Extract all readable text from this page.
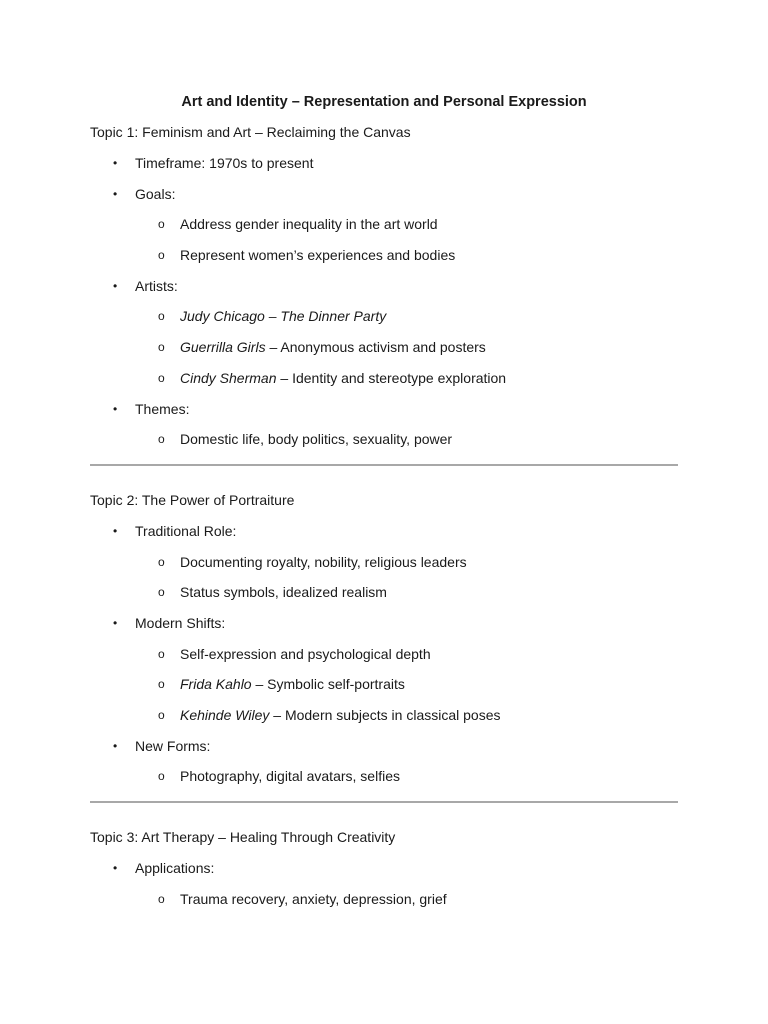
Art and Identity – Representation and Personal Expression

Topic 1: Feminism and Art – Reclaiming the Canvas

• Timeframe: 1970s to present
• Goals:
o Address gender inequality in the art world
o Represent women’s experiences and bodies
• Artists:
o Judy Chicago – The Dinner Party
o Guerrilla Girls – Anonymous activism and posters
o Cindy Sherman – Identity and stereotype exploration
• Themes:
o Domestic life, body politics, sexuality, power

Topic 2: The Power of Portraiture

• Traditional Role:
o Documenting royalty, nobility, religious leaders
o Status symbols, idealized realism
• Modern Shifts:
o Self-expression and psychological depth
o Frida Kahlo – Symbolic self-portraits
o Kehinde Wiley – Modern subjects in classical poses
• New Forms:
o Photography, digital avatars, selfies

Topic 3: Art Therapy – Healing Through Creativity

• Applications:
o Trauma recovery, anxiety, depression, grief
